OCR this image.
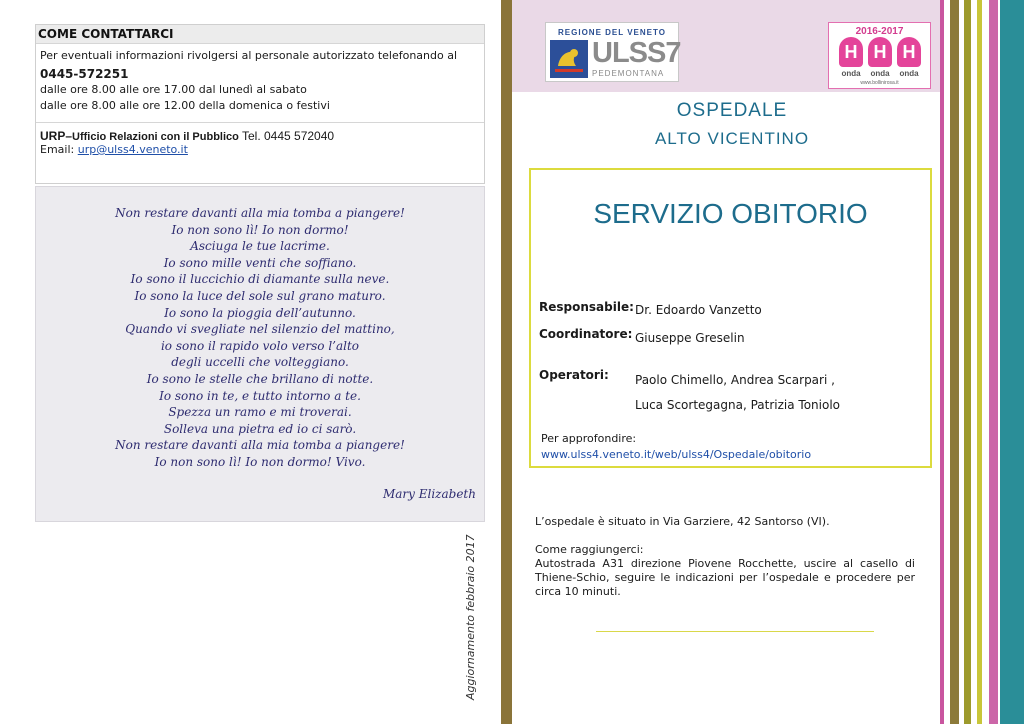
COME CONTATTARCI
Per eventuali informazioni rivolgersi al personale autorizzato telefonando al
0445-572251
dalle ore 8.00 alle ore 17.00 dal lunedì al sabato
dalle ore 8.00 alle ore 12.00 della domenica o festivi
URP–Ufficio Relazioni con il Pubblico Tel. 0445 572040
Email: urp@ulss4.veneto.it
Non restare davanti alla mia tomba a piangere!
Io non sono lì! Io non dormo!
Asciuga le tue lacrime.
Io sono mille venti che soffiano.
Io sono il luccichio di diamante sulla neve.
Io sono la luce del sole sul grano maturo.
Io sono la pioggia dell’autunno.
Quando vi svegliate nel silenzio del mattino,
io sono il rapido volo verso l’alto
degli uccelli che volteggiano.
Io sono le stelle che brillano di notte.
Io sono in te, e tutto intorno a te.
Spezza un ramo e mi troverai.
Solleva una pietra ed io ci sarò.
Non restare davanti alla mia tomba a piangere!
Io non sono lì! Io non dormo! Vivo.
Mary Elizabeth
Aggiornamento febbraio 2017
REGIONE DEL VENETO
ULSS7
PEDEMONTANA
2016-2017
H H H
onda	onda	onda
www.bollinirosa.it
OSPEDALE
ALTO VICENTINO
SERVIZIO OBITORIO
Responsabile: Dr. Edoardo Vanzetto
Coordinatore: Giuseppe Greselin
Operatori: Paolo Chimello, Andrea Scarpari ,
Luca Scortegagna, Patrizia Toniolo
Per approfondire:
www.ulss4.veneto.it/web/ulss4/Ospedale/obitorio
L’ospedale è situato in Via Garziere, 42 Santorso (VI).
Come raggiungerci:
Autostrada A31 direzione Piovene Rocchette, uscire al casello di Thiene-Schio, seguire le indicazioni per l’ospedale e procedere per circa 10 minuti.
